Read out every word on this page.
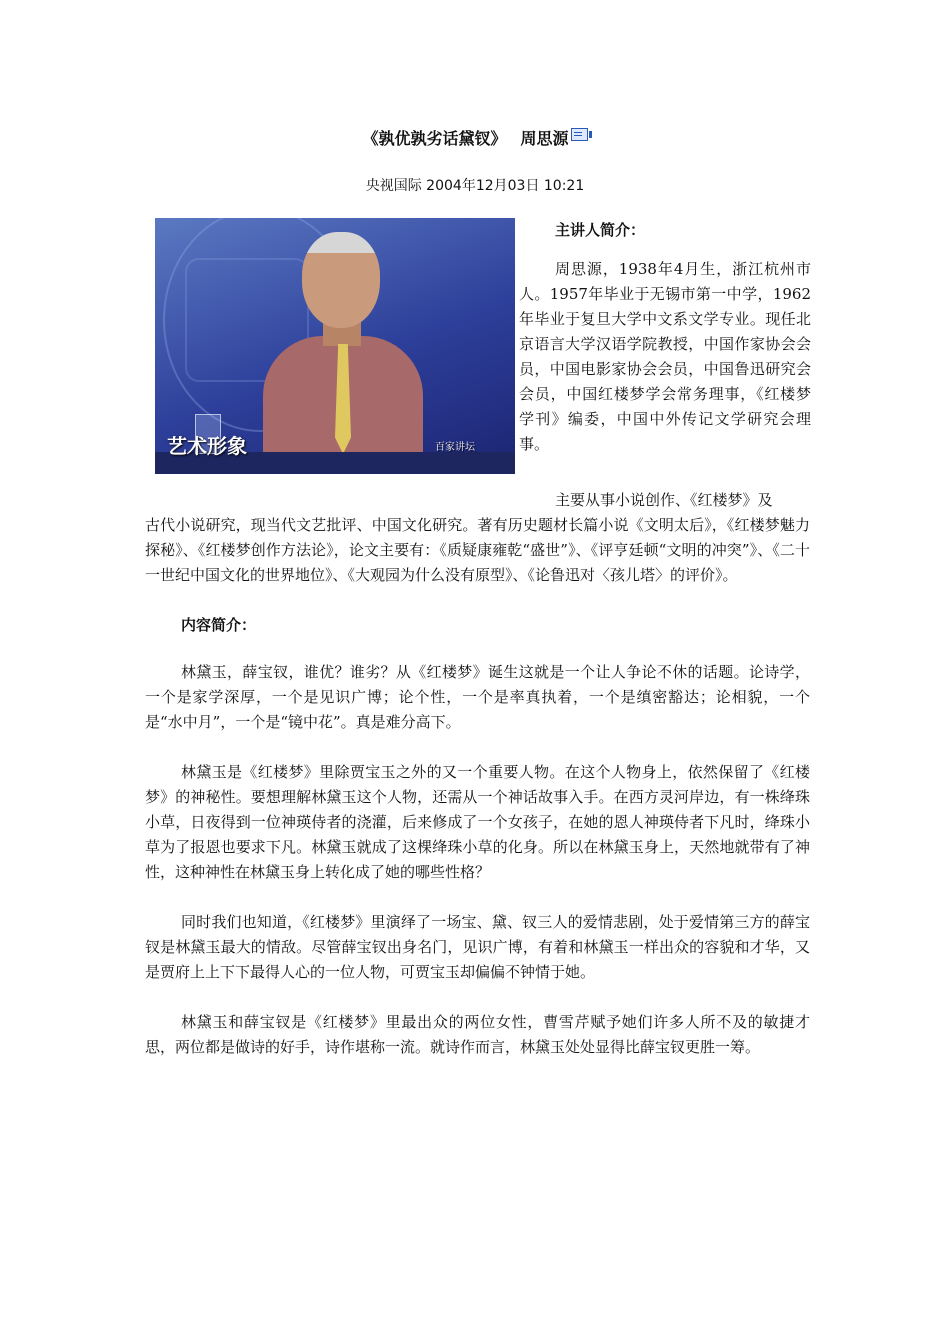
《孰优孰劣话黛钗》 周思源
央视国际 2004年12月03日 10:21
艺术形象	百家讲坛
主讲人简介：

周思源，1938年4月生，浙江杭州市人。1957年毕业于无锡市第一中学，1962年毕业于复旦大学中文系文学专业。现任北京语言大学汉语学院教授，中国作家协会会员，中国电影家协会会员，中国鲁迅研究会会员，中国红楼梦学会常务理事，《红楼梦学刊》编委，中国中外传记文学研究会理事。

主要从事小说创作、《红楼梦》及

古代小说研究，现当代文艺批评、中国文化研究。著有历史题材长篇小说《文明太后》，《红楼梦魅力探秘》、《红楼梦创作方法论》，论文主要有：《质疑康雍乾“盛世”》、《评亨廷顿“文明的冲突”》、《二十一世纪中国文化的世界地位》、《大观园为什么没有原型》、《论鲁迅对〈孩儿塔〉的评价》。

内容简介：

林黛玉，薛宝钗，谁优？谁劣？从《红楼梦》诞生这就是一个让人争论不休的话题。论诗学，一个是家学深厚，一个是见识广博；论个性，一个是率真执着，一个是缜密豁达；论相貌，一个是“水中月”，一个是“镜中花”。真是难分高下。

林黛玉是《红楼梦》里除贾宝玉之外的又一个重要人物。在这个人物身上，依然保留了《红楼梦》的神秘性。要想理解林黛玉这个人物，还需从一个神话故事入手。在西方灵河岸边，有一株绛珠小草，日夜得到一位神瑛侍者的浇灌，后来修成了一个女孩子，在她的恩人神瑛侍者下凡时，绛珠小草为了报恩也要求下凡。林黛玉就成了这棵绛珠小草的化身。所以在林黛玉身上，天然地就带有了神性，这种神性在林黛玉身上转化成了她的哪些性格？

同时我们也知道，《红楼梦》里演绎了一场宝、黛、钗三人的爱情悲剧，处于爱情第三方的薛宝钗是林黛玉最大的情敌。尽管薛宝钗出身名门，见识广博，有着和林黛玉一样出众的容貌和才华，又是贾府上上下下最得人心的一位人物，可贾宝玉却偏偏不钟情于她。

林黛玉和薛宝钗是《红楼梦》里最出众的两位女性，曹雪芹赋予她们许多人所不及的敏捷才思，两位都是做诗的好手，诗作堪称一流。就诗作而言，林黛玉处处显得比薛宝钗更胜一筹。
